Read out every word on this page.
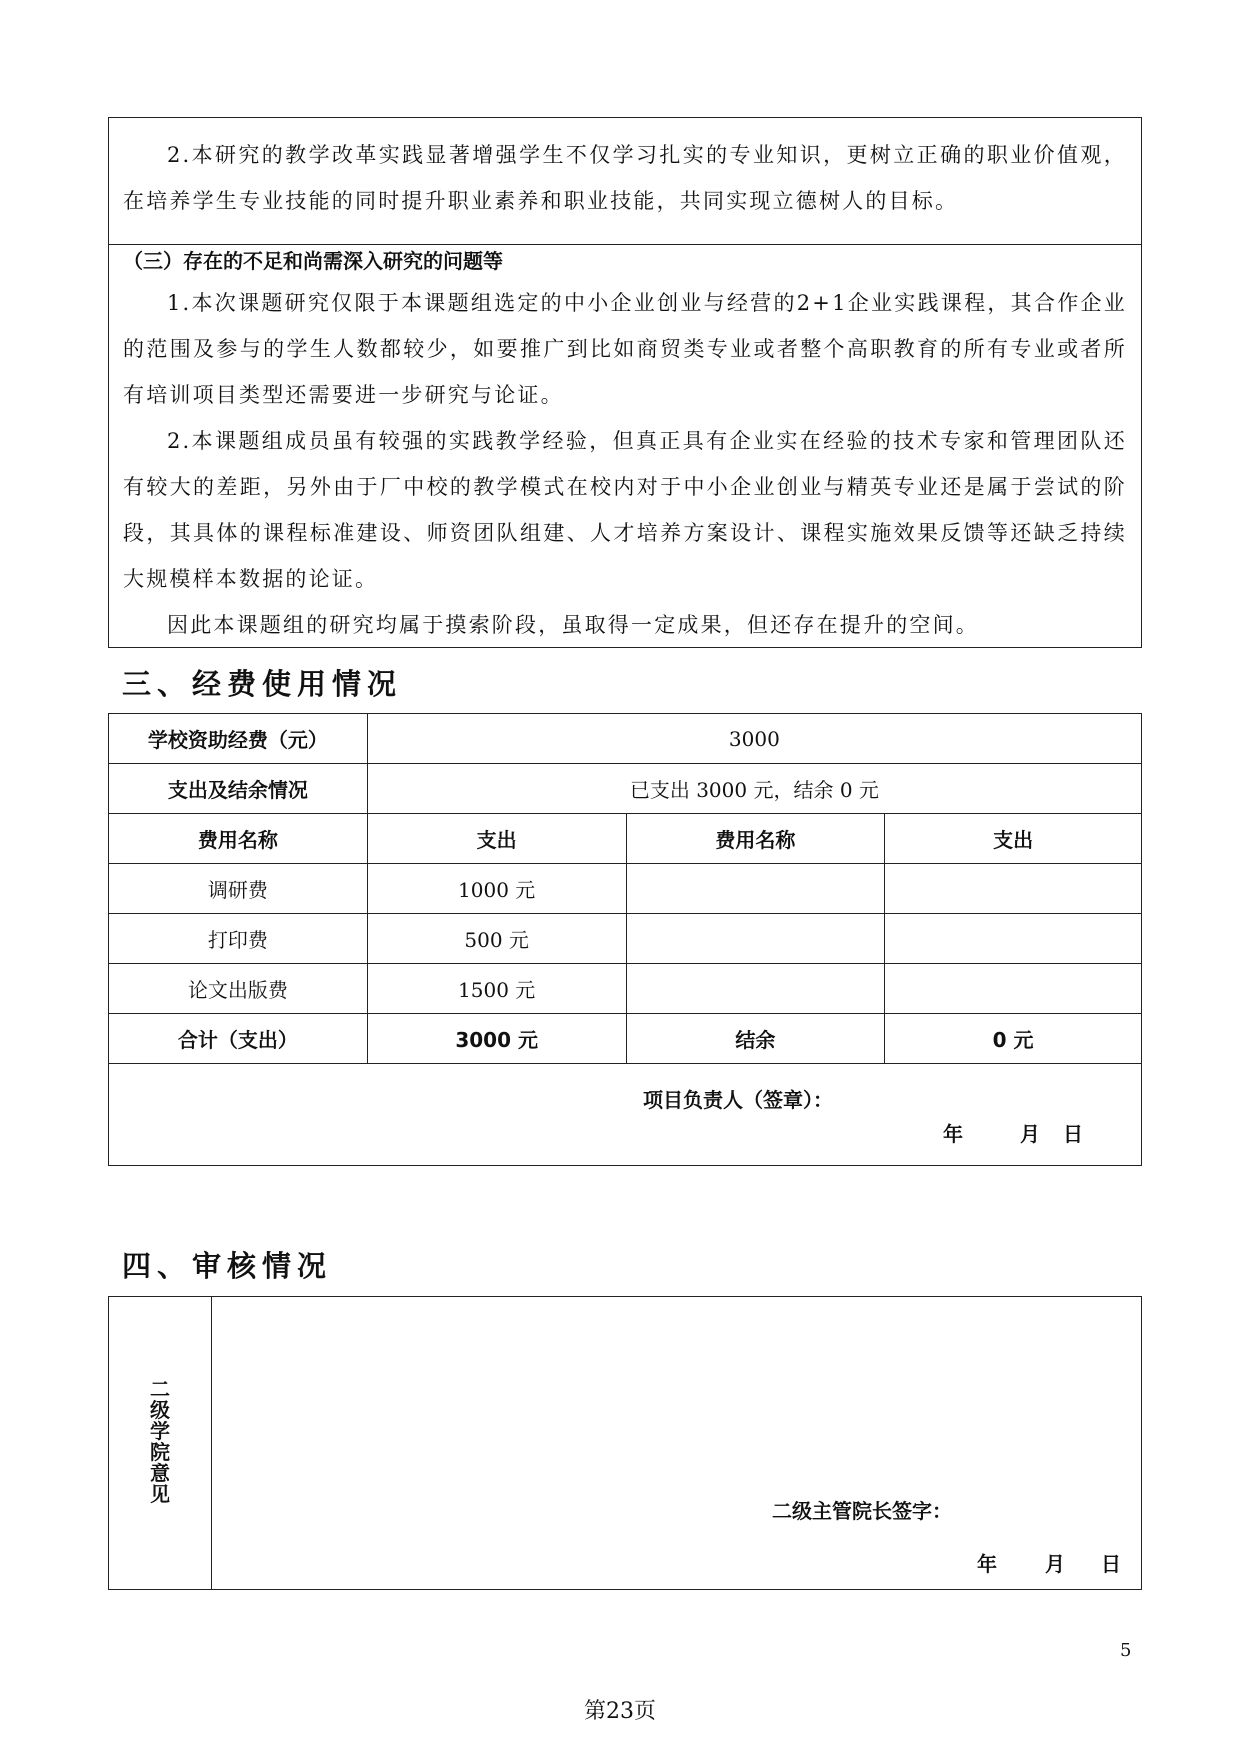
2.本研究的教学改革实践显著增强学生不仅学习扎实的专业知识，更树立正确的职业价值观，在培养学生专业技能的同时提升职业素养和职业技能，共同实现立德树人的目标。
（三）存在的不足和尚需深入研究的问题等
1.本次课题研究仅限于本课题组选定的中小企业创业与经营的2+1企业实践课程，其合作企业的范围及参与的学生人数都较少，如要推广到比如商贸类专业或者整个高职教育的所有专业或者所有培训项目类型还需要进一步研究与论证。
2.本课题组成员虽有较强的实践教学经验，但真正具有企业实在经验的技术专家和管理团队还有较大的差距，另外由于厂中校的教学模式在校内对于中小企业创业与精英专业还是属于尝试的阶段，其具体的课程标准建设、师资团队组建、人才培养方案设计、课程实施效果反馈等还缺乏持续大规模样本数据的论证。
因此本课题组的研究均属于摸索阶段，虽取得一定成果，但还存在提升的空间。
三、经费使用情况
学校资助经费（元）	3000		
支出及结余情况	已支出 3000 元，结余 0 元		
费用名称	支出	费用名称	支出
调研费	1000 元		
打印费	500 元		
论文出版费	1500 元		
合计（支出）	3000 元	结余	0 元

项目负责人（签章）：
年 月 日			
四、审核情况
二级学院意见
二级主管院长签字：
年	月	日
5
第23页
